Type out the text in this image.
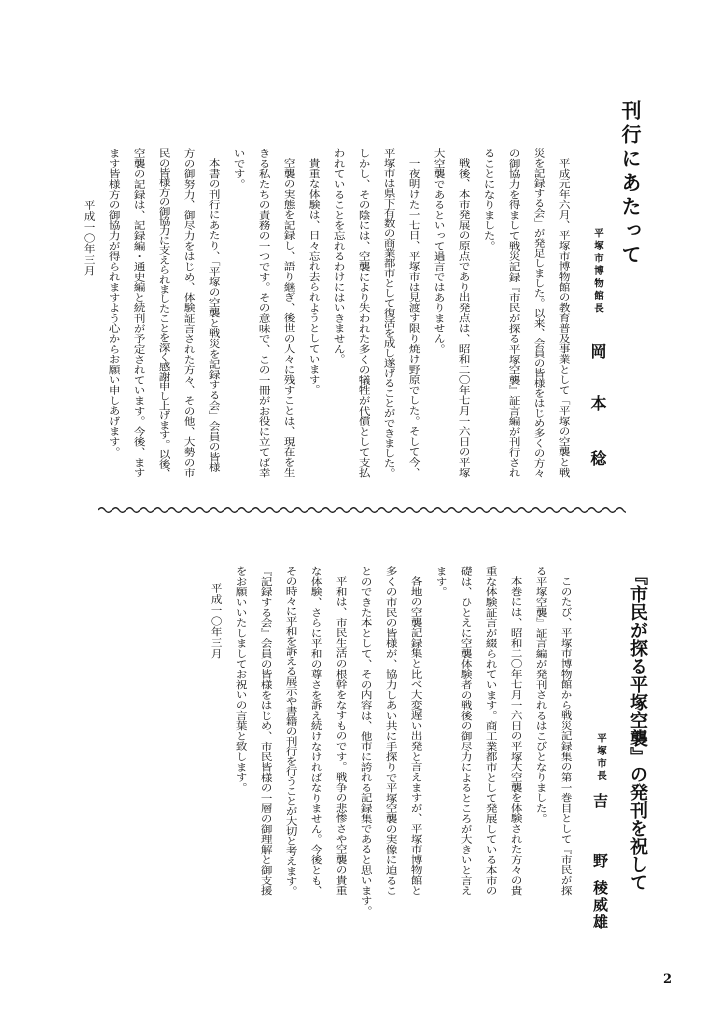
刊行にあたって
平塚市博物館長
岡　本
稔
平成一〇年三月	平成元年六月、平塚市博物館の教育普及事業として「平塚の空襲と戦
災を記録する会」が発足しました。以来、会員の皆様をはじめ多くの方々
の御協力を得まして戦災記録『市民が探る平塚空襲』証言編が刊行され
ることになりました。
戦後、本市発展の原点であり出発点は、昭和二〇年七月一六日の平塚
大空襲であるといって過言ではありません。
一夜明けた一七日、平塚市は見渡す限り焼け野原でした。そして今、
平塚市は県下有数の商業都市として復活を成し遂げることができました。
しかし、その陰には、空襲により失われた多くの犠牲が代償として支払
われていることを忘れるわけにはいきません。
貴重な体験は、日々忘れ去られようとしています。
空襲の実態を記録し、語り継ぎ、後世の人々に残すことは、現在を生
きる私たちの責務の一つです。その意味で、この一冊がお役に立てば幸
いです。
本書の刊行にあたり、「平塚の空襲と戦災を記録する会」会員の皆様
方の御努力、御尽力をはじめ、体験証言された方々、その他、大勢の市
民の皆様方の御協力に支えられましたことを深く感謝申し上げます。以後、
空襲の記録は、記録編・通史編と続刊が予定されています。今後、ます
ます皆様方の御協力が得られますよう心からお願い申しあげます。
『市民が探る平塚空襲』の発刊を祝して
平塚市長
吉　野
稜威雄
平成一〇年三月	このたび、平塚市博物館から戦災記録集の第一巻目として『市民が探
る平塚空襲』証言編が発刊されるはこびとなりました。
本巻には、昭和二〇年七月一六日の平塚大空襲を体験された方々の貴
重な体験証言が綴られています。商工業都市として発展している本市の
礎は、ひとえに空襲体験者の戦後の御尽力によるところが大きいと言え
ます。
各地の空襲記録集と比べ大変遅い出発と言えますが、平塚市博物館と
多くの市民の皆様が、協力しあい共に手探りで平塚空襲の実像に迫るこ
とのできた本として、その内容は、他市に誇れる記録集であると思います。
平和は、市民生活の根幹をなすものです。戦争の悲惨さや空襲の貴重
な体験、さらに平和の尊さを訴え続けなければなりません。今後とも、
その時々に平和を訴える展示や書籍の刊行を行うことが大切と考えます。
『記録する会』会員の皆様をはじめ、市民皆様の一層の御理解と御支援
をお願いいたしましてお祝いの言葉と致します。
2
